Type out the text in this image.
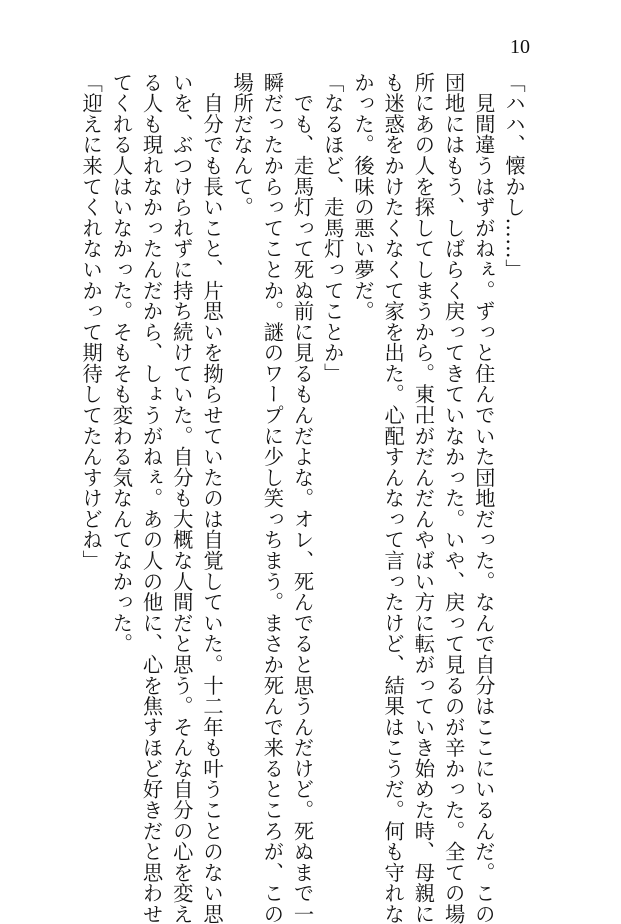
10
「ハハ、懐かし……」
　見間違うはずがねぇ。ずっと住んでいた団地だった。なんで自分はここにいるんだ。この
団地にはもう、しばらく戻ってきていなかった。いや、戻って見るのが辛かった。全ての場
所にあの人を探してしまうから。東卍がだんだんやばい方に転がっていき始めた時、母親に
も迷惑をかけたくなくて家を出た。心配すんなって言ったけど、結果はこうだ。何も守れな
かった。後味の悪い夢だ。
「なるほど、走馬灯ってことか」
　でも、走馬灯って死ぬ前に見るもんだよな。オレ、死んでると思うんだけど。死ぬまで一
瞬だったからってことか。謎のワープに少し笑っちまう。まさか死んで来るところが、この
場所だなんて。
　自分でも長いこと、片思いを拗らせていたのは自覚していた。十二年も叶うことのない思
いを、ぶつけられずに持ち続けていた。自分も大概な人間だと思う。そんな自分の心を変え
る人も現れなかったんだから、しょうがねぇ。あの人の他に、心を焦すほど好きだと思わせ
てくれる人はいなかった。そもそも変わる気なんてなかった。
「迎えに来てくれないかって期待してたんすけどね」
